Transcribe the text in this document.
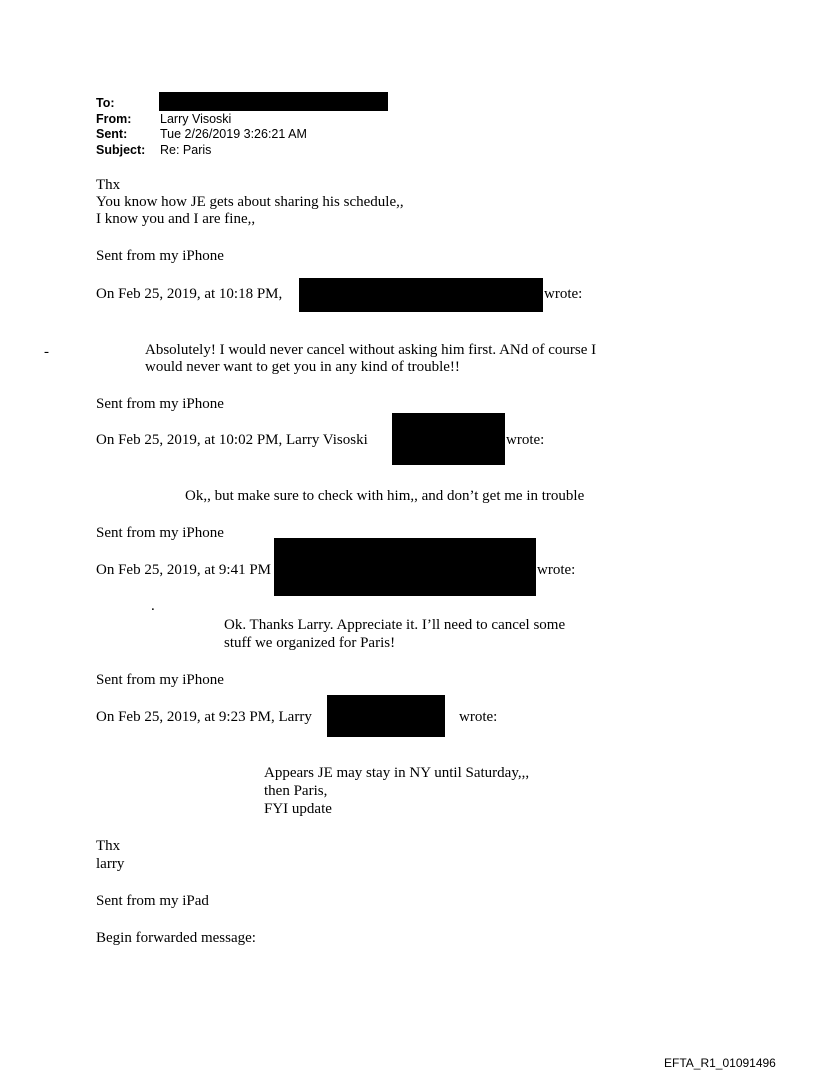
To:
From: Larry Visoski
Sent:	Tue 2/26/2019 3:26:21 AM
Subject: Re: Paris
Thx
You know how JE gets about sharing his schedule,,
I know you and I are fine,,
Sent from my iPhone
On Feb 25, 2019, at 10:18 PM,	wrote:
-	Absolutely! I would never cancel without asking him first. ANd of course I
would never want to get you in any kind of trouble!!
Sent from my iPhone
On Feb 25, 2019, at 10:02 PM, Larry Visoski	wrote:
Ok,, but make sure to check with him,, and don’t get me in trouble
Sent from my iPhone
On Feb 25, 2019, at 9:41 PM	wrote:
.
Ok. Thanks Larry. Appreciate it. I’ll need to cancel some
stuff we organized for Paris!
Sent from my iPhone
On Feb 25, 2019, at 9:23 PM, Larry	wrote:
Appears JE may stay in NY until Saturday,,,
then Paris,
FYI update
Thx
larry
Sent from my iPad
Begin forwarded message:
EFTA_R1_01091496
